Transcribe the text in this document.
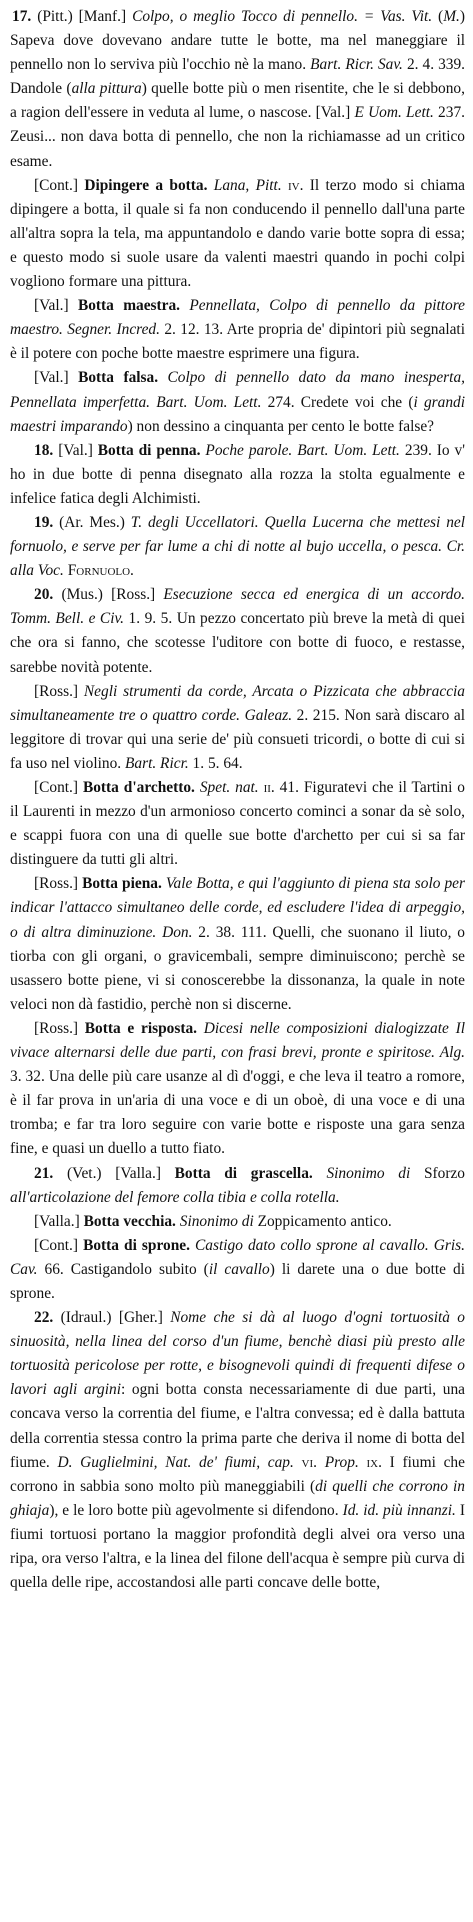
17. (Pitt.) [Manf.] Colpo, o meglio Tocco di pennello. = Vas. Vit. (M.) Sapeva dove dovevano andare tutte le botte, ma nel maneggiare il pennello non lo serviva più l'occhio nè la mano. Bart. Ricr. Sav. 2. 4. 339. Dandole (alla pittura) quelle botte più o men risentite, che le si debbono, a ragion dell'essere in veduta al lume, o nascose. [Val.] E Uom. Lett. 237. Zeusi... non dava botta di pennello, che non la richiamasse ad un critico esame.

[Cont.] Dipingere a botta. Lana, Pitt. iv. Il terzo modo si chiama dipingere a botta, il quale si fa non conducendo il pennello dall'una parte all'altra sopra la tela, ma appuntandolo e dando varie botte sopra di essa; e questo modo si suole usare da valenti maestri quando in pochi colpi vogliono formare una pittura.

[Val.] Botta maestra. Pennellata, Colpo di pennello da pittore maestro. Segner. Incred. 2. 12. 13. Arte propria de' dipintori più segnalati è il potere con poche botte maestre esprimere una figura.

[Val.] Botta falsa. Colpo di pennello dato da mano inesperta, Pennellata imperfetta. Bart. Uom. Lett. 274. Credete voi che (i grandi maestri imparando) non dessino a cinquanta per cento le botte false?

18. [Val.] Botta di penna. Poche parole. Bart. Uom. Lett. 239. Io v' ho in due botte di penna disegnato alla rozza la stolta egualmente e infelice fatica degli Alchimisti.

19. (Ar. Mes.) T. degli Uccellatori. Quella Lucerna che mettesi nel fornuolo, e serve per far lume a chi di notte al bujo uccella, o pesca. Cr. alla Voc. Fornuolo.

20. (Mus.) [Ross.] Esecuzione secca ed energica di un accordo. Tomm. Bell. e Civ. 1. 9. 5. Un pezzo concertato più breve la metà di quei che ora si fanno, che scotesse l'uditore con botte di fuoco, e restasse, sarebbe novità potente.

[Ross.] Negli strumenti da corde, Arcata o Pizzicata che abbraccia simultaneamente tre o quattro corde. Galeaz. 2. 215. Non sarà discaro al leggitore di trovar qui una serie de' più consueti tricordi, o botte di cui si fa uso nel violino. Bart. Ricr. 1. 5. 64.

[Cont.] Botta d'archetto. Spet. nat. ii. 41. Figuratevi che il Tartini o il Laurenti in mezzo d'un armonioso concerto cominci a sonar da sè solo, e scappi fuora con una di quelle sue botte d'archetto per cui si sa far distinguere da tutti gli altri.

[Ross.] Botta piena. Vale Botta, e qui l'aggiunto di piena sta solo per indicar l'attacco simultaneo delle corde, ed escludere l'idea di arpeggio, o di altra diminuzione. Don. 2. 38. 111. Quelli, che suonano il liuto, o tiorba con gli organi, o gravicembali, sempre diminuiscono; perchè se usassero botte piene, vi si conoscerebbe la dissonanza, la quale in note veloci non dà fastidio, perchè non si discerne.

[Ross.] Botta e risposta. Dicesi nelle composizioni dialogizzate Il vivace alternarsi delle due parti, con frasi brevi, pronte e spiritose. Alg. 3. 32. Una delle più care usanze al dì d'oggi, e che leva il teatro a romore, è il far prova in un'aria di una voce e di un oboè, di una voce e di una tromba; e far tra loro seguire con varie botte e risposte una gara senza fine, e quasi un duello a tutto fiato.

21. (Vet.) [Valla.] Botta di grascella. Sinonimo di Sforzo all'articolazione del femore colla tibia e colla rotella.

[Valla.] Botta vecchia. Sinonimo di Zoppicamento antico.

[Cont.] Botta di sprone. Castigo dato collo sprone al cavallo. Gris. Cav. 66. Castigandolo subito (il cavallo) li darete una o due botte di sprone.

22. (Idraul.) [Gher.] Nome che si dà al luogo d'ogni tortuosità o sinuosità, nella linea del corso d'un fiume, benchè diasi più presto alle tortuosità pericolose per rotte, e bisognevoli quindi di frequenti difese o lavori agli argini: ogni botta consta necessariamente di due parti, una concava verso la correntia del fiume, e l'altra convessa; ed è dalla battuta della correntia stessa contro la prima parte che deriva il nome di botta del fiume. D. Guglielmini, Nat. de' fiumi, cap. vi. Prop. ix. I fiumi che corrono in sabbia sono molto più maneggiabili (di quelli che corrono in ghiaja), e le loro botte più agevolmente si difendono. Id. id. più innanzi. I fiumi tortuosi portano la maggior profondità degli alvei ora verso una ripa, ora verso l'altra, e la linea del filone dell'acqua è sempre più curva di quella delle ripe, accostandosi alle parti concave delle botte,
